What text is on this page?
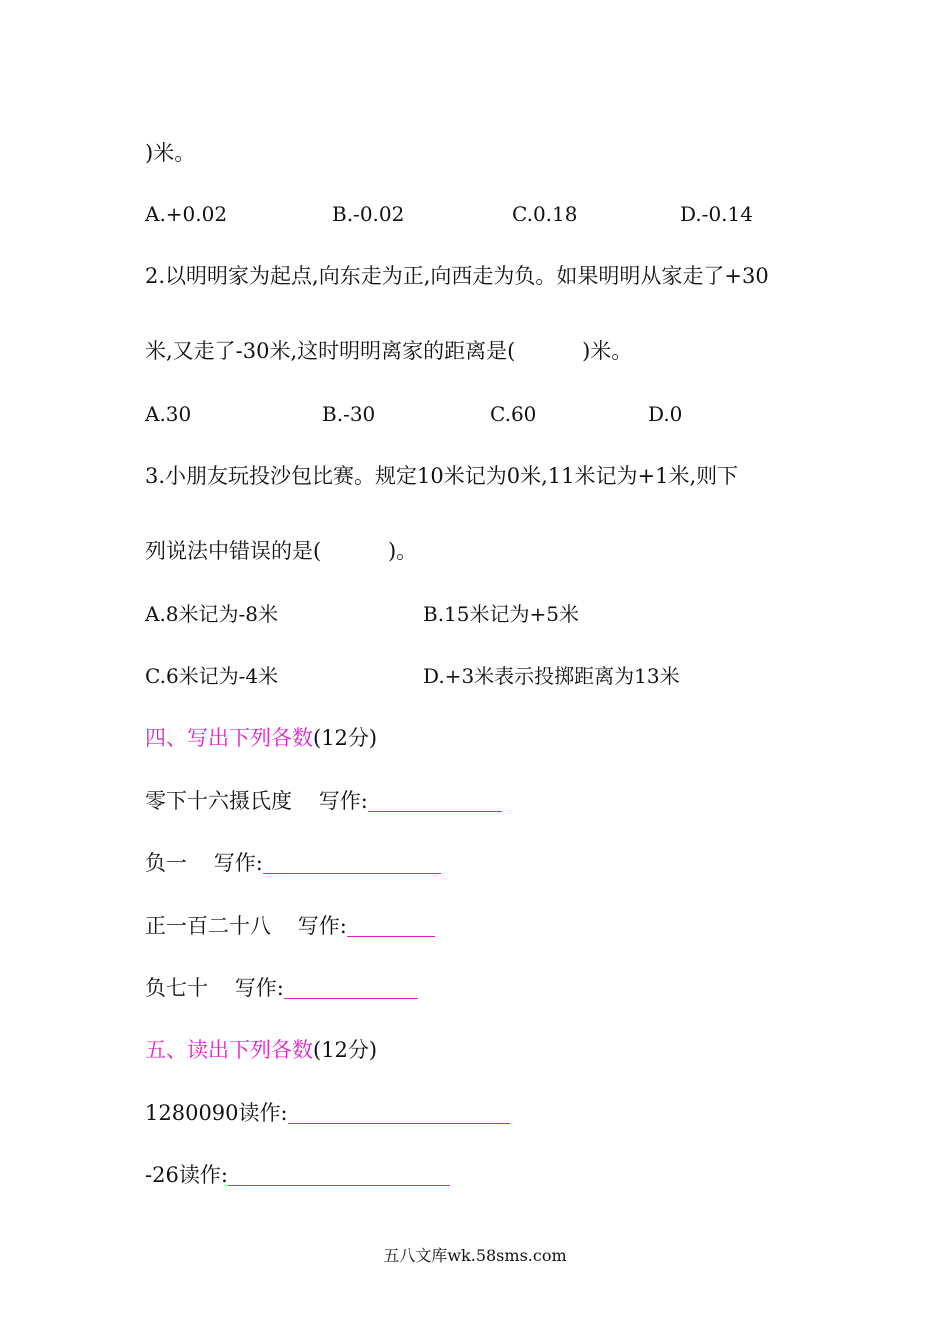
)米。
A.+0.02	B.-0.02	C.0.18	D.-0.14
2.以明明家为起点,向东走为正,向西走为负。如果明明从家走了+30
米,又走了-30米,这时明明离家的距离是(          )米。
A.30	B.-30	C.60	D.0
3.小朋友玩投沙包比赛。规定10米记为0米,11米记为+1米,则下
列说法中错误的是(          )。
A.8米记为-8米	B.15米记为+5米
C.6米记为-4米	D.+3米表示投掷距离为13米
四、写出下列各数(12分)
零下十六摄氏度    写作:
负一    写作:
正一百二十八    写作:
负七十    写作:
五、读出下列各数(12分)
1280090读作:
-26读作:
五八文库wk.58sms.com
